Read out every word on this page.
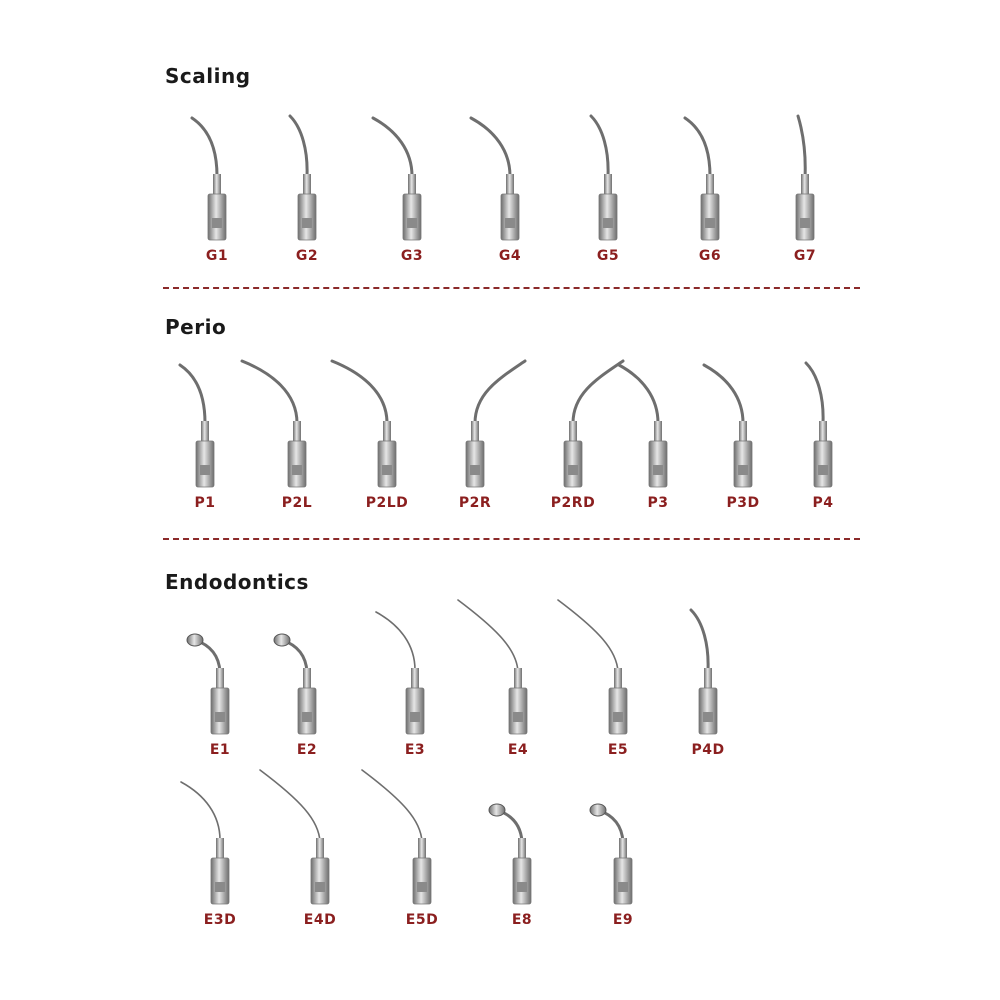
Scaling
G1	G2	G3	G4	G5	G6	G7
Perio
P1	P2L	P2LD	P2R	P2RD	P3	P3D	P4
Endodontics
E1	E2	E3	E4	E5	P4D
E3D	E4D	E5D	E8	E9
